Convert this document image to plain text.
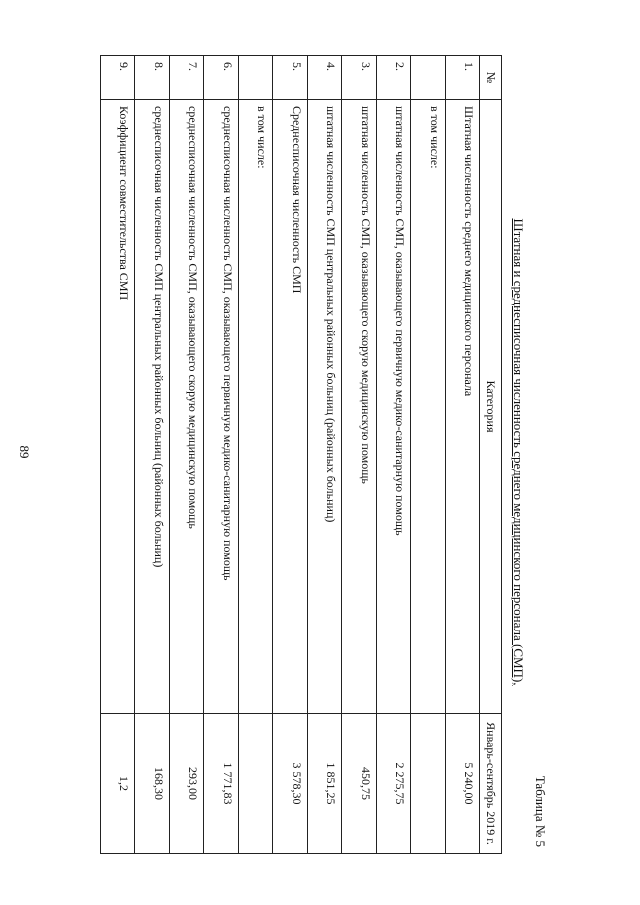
89
Таблица № 5
Штатная и среднесписочная численность среднего медицинского персонала (СМП),
№	Категория	Январь-сентябрь 2019 г.
1.	Штатная численность среднего медицинского персонала	5 240,00
	в том числе:	
2.	штатная численность СМП, оказывающего первичную медико-санитарную помощь	2 275,75
3.	штатная численность СМП, оказывающего скорую медицинскую помощь	450,75
4.	штатная численность СМП центральных районных больниц (районных больниц)	1 851,25
5.	Среднесписочная численность СМП	3 578,30
	в том числе:	
6.	среднесписочная численность СМП, оказывающего первичную медико-санитарную помощь	1 771,83
7.	среднесписочная численность СМП, оказывающего скорую медицинскую помощь	293,00
8.	среднесписочная численность СМП центральных районных больниц (районных больниц)	168,30
9.	Коэффициент совместительства СМП	1,2
